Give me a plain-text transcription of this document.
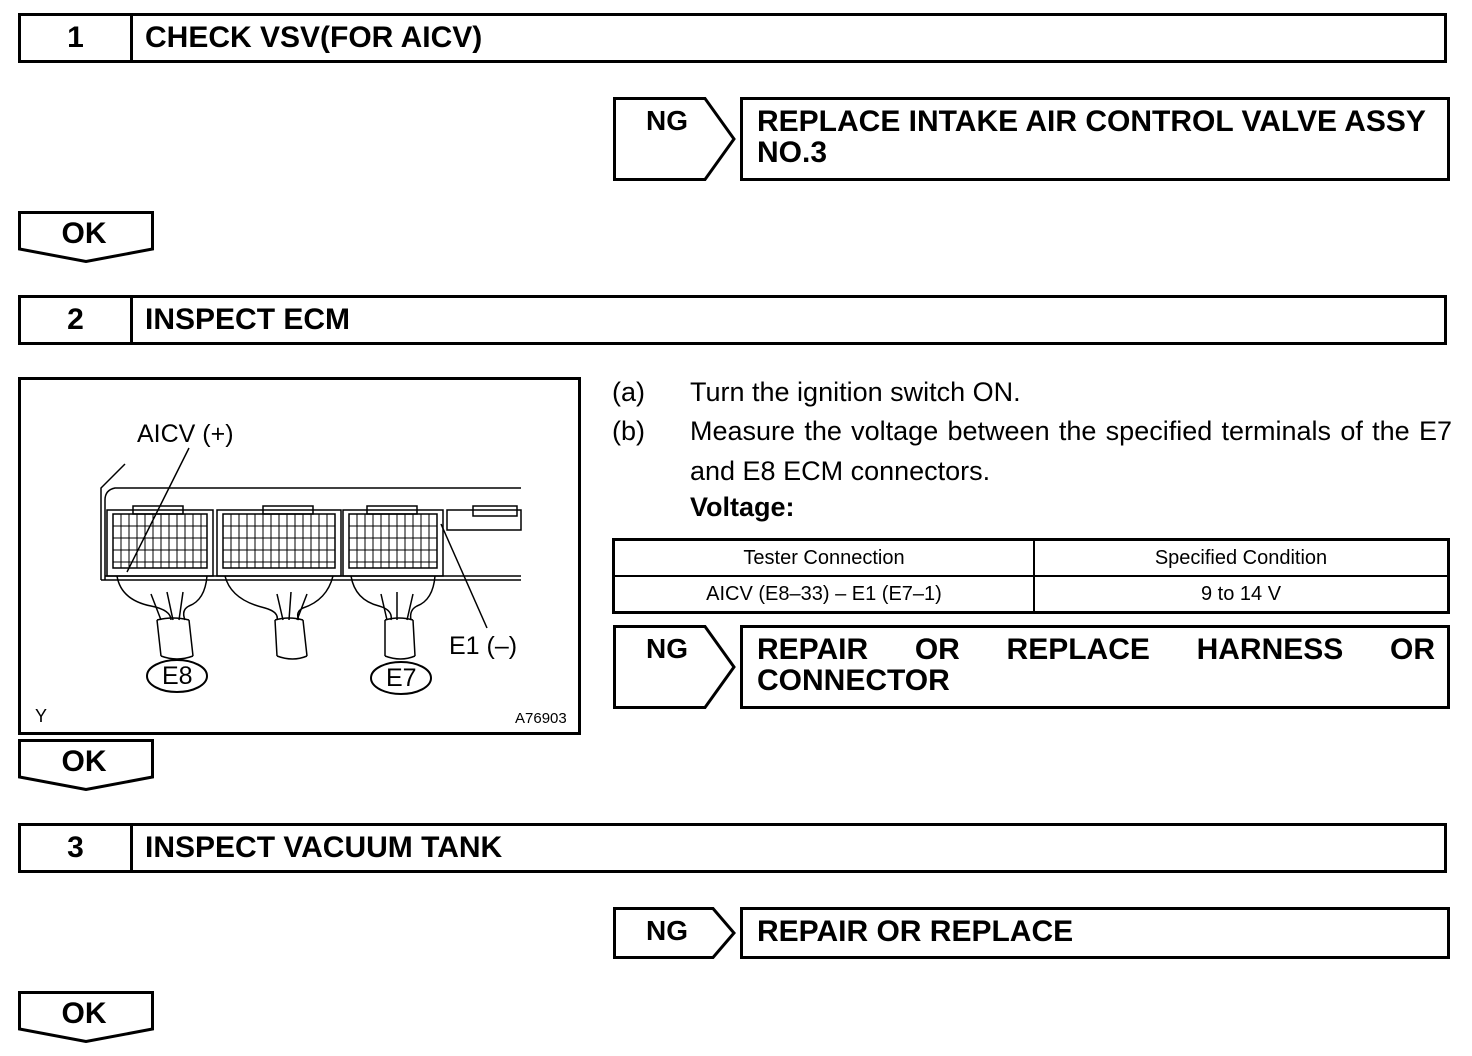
1	CHECK VSV(FOR AICV)
NG	REPLACE INTAKE AIR CONTROL VALVE ASSY
NO.3
OK
2	INSPECT ECM
AICV (+)
E1 (–)
E8	E7
Y	A76903
(a) Turn the ignition switch ON.
(b) Measure the voltage between the specified terminals of the E7 and E8 ECM connectors.
Voltage:
Tester Connection	Specified Condition
AICV (E8–33) – E1 (E7–1)	9 to 14 V
NG	REPAIR OR REPLACE HARNESS OR
CONNECTOR
OK
3	INSPECT VACUUM TANK
NG	REPAIR OR REPLACE
OK
